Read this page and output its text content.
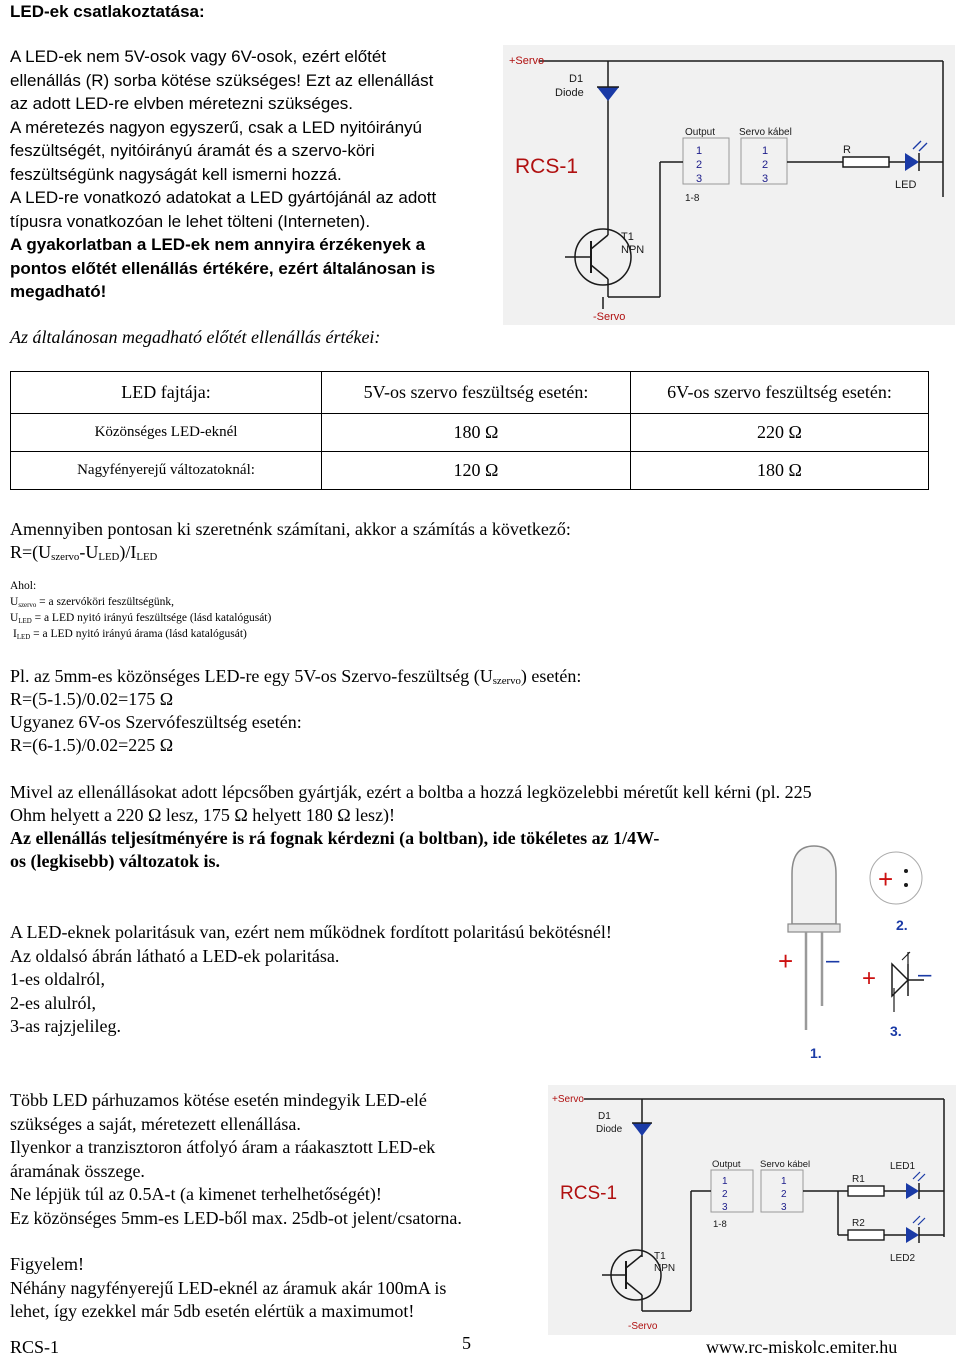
LED-ek csatlakoztatása:
A LED-ek nem 5V-osok vagy 6V-osok, ezért előtét
ellenállás (R) sorba kötése szükséges! Ezt az ellenállást
az adott LED-re elvben méretezni szükséges.
A méretezés nagyon egyszerű, csak a LED nyitóirányú
feszültségét, nyitóirányú áramát és a szervo-köri
feszültségünk nagyságát kell ismerni hozzá.
A LED-re vonatkozó adatokat a LED gyártójánál az adott
típusra vonatkozóan le lehet tölteni (Interneten).
A gyakorlatban a LED-ek nem annyira érzékenyek a
pontos előtét ellenállás értékére, ezért általánosan is
megadható!
+Servo
D1
Diode
RCS-1
Output
1
2
3
1-8
Servo kábel
1
2
3
R
LED
T1
NPN
-Servo
Az általánosan megadható előtét ellenállás értékei:
LED fajtája:	5V-os szervo feszültség esetén:	6V-os szervo feszültség esetén:
Közönséges LED-eknél	180 Ω	220 Ω
Nagyfényerejű változatoknál:	120 Ω	180 Ω
Amennyiben pontosan ki szeretnénk számítani, akkor a számítás a következő:
$R=(U_{szervo}-U_{LED})/I_{LED}$
Ahol:
$U_{szervo} = a$ szervóköri feszültségünk,
$U_{LED} = a$ LED nyitó irányú feszültsége (lásd katalógusát)
$I_{LED} = a$ LED nyitó irányú árama (lásd katalógusát)
Pl. az 5mm-es közönséges LED-re egy 5V-os Szervo-feszültség $(U_{szervo})$ esetén:
R=(5-1.5)/0.02=175 Ω
Ugyanez 6V-os Szervófeszültség esetén:
R=(6-1.5)/0.02=225 Ω
Mivel az ellenállásokat adott lépcsőben gyártják, ezért a boltba a hozzá legközelebbi méretűt kell kérni (pl. 225
Ohm helyett a 220 Ω lesz, 175 Ω helyett 180 Ω lesz)!
Az ellenállás teljesítményére is rá fognak kérdezni (a boltban), ide tökéletes az 1/4W-
os (legkisebb) változatok is.
A LED-eknek polaritásuk van, ezért nem működnek fordított polaritású bekötésnél!
Az oldalsó ábrán látható a LED-ek polaritása.
1-es oldalról,
2-es alulról,
3-as rajzjelileg.
+ –
1.
+
2.
+ –
3.
Több LED párhuzamos kötése esetén mindegyik LED-elé
szükséges a saját, méretezett ellenállása.
Ilyenkor a tranzisztoron átfolyó áram a ráakasztott LED-ek
áramának összege.
Ne lépjük túl az 0.5A-t (a kimenet terhelhetőségét)!
Ez közönséges 5mm-es LED-ből max. 25db-ot jelent/csatorna.
Figyelem!
Néhány nagyfényerejű LED-eknél az áramuk akár 100mA is
lehet, így ezekkel már 5db esetén elértük a maximumot!
+Servo
D1
Diode
RCS-1
Output
1
2
3
1-8
Servo kábel
1
2
3
R1
R2
LED1
LED2
T1
NPN
-Servo
RCS-1	5	www.rc-miskolc.emiter.hu
